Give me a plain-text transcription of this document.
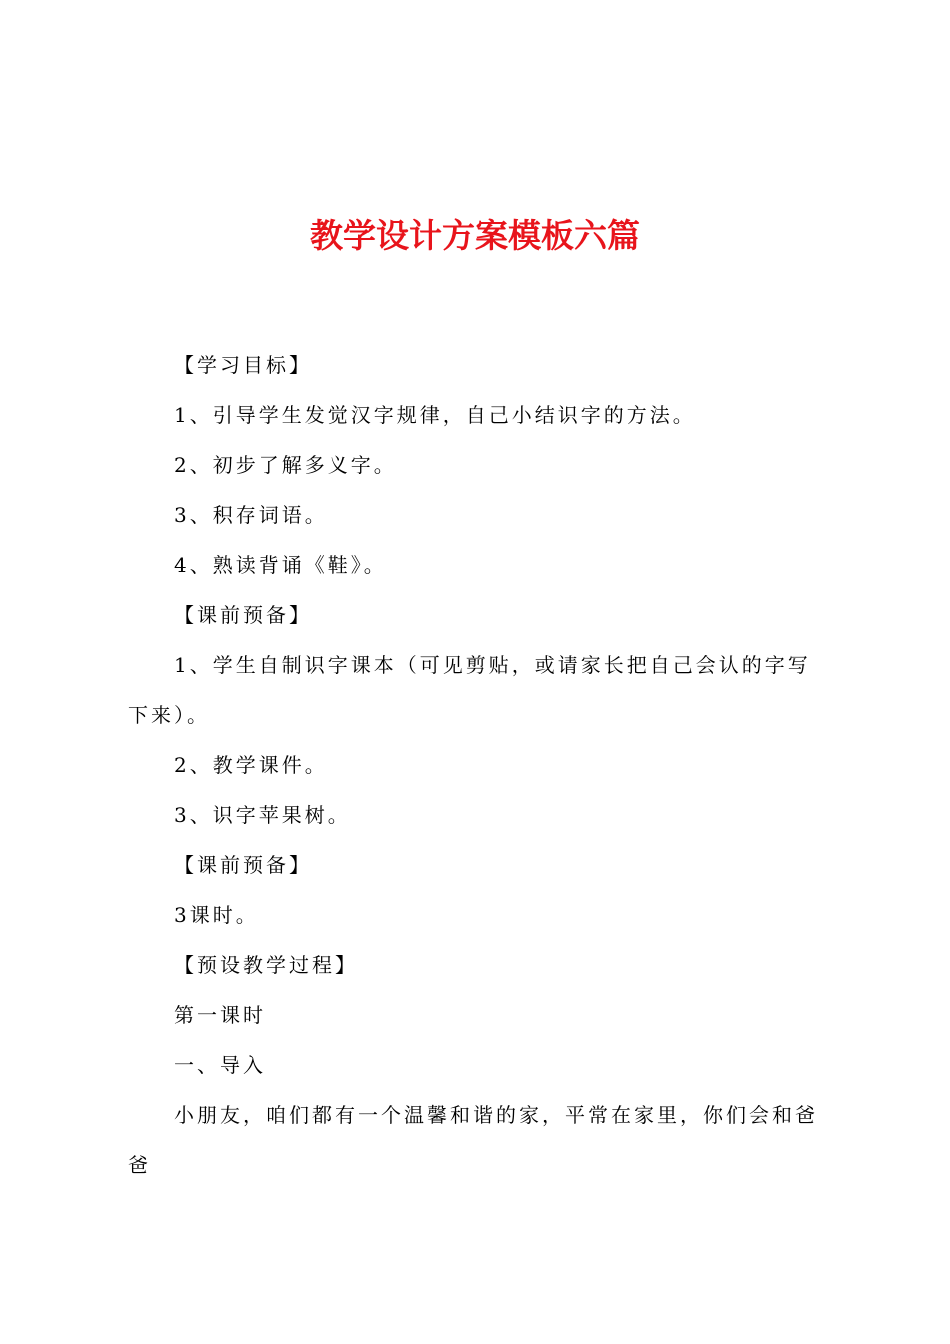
教学设计方案模板六篇

【学习目标】

1、引导学生发觉汉字规律，自己小结识字的方法。

2、初步了解多义字。

3、积存词语。

4、熟读背诵《鞋》。

【课前预备】

1、学生自制识字课本（可见剪贴，或请家长把自己会认的字写下来）。

2、教学课件。

3、识字苹果树。

【课前预备】

3课时。

【预设教学过程】

第一课时

一、导入

小朋友，咱们都有一个温馨和谐的家，平常在家里，你们会和爸爸
